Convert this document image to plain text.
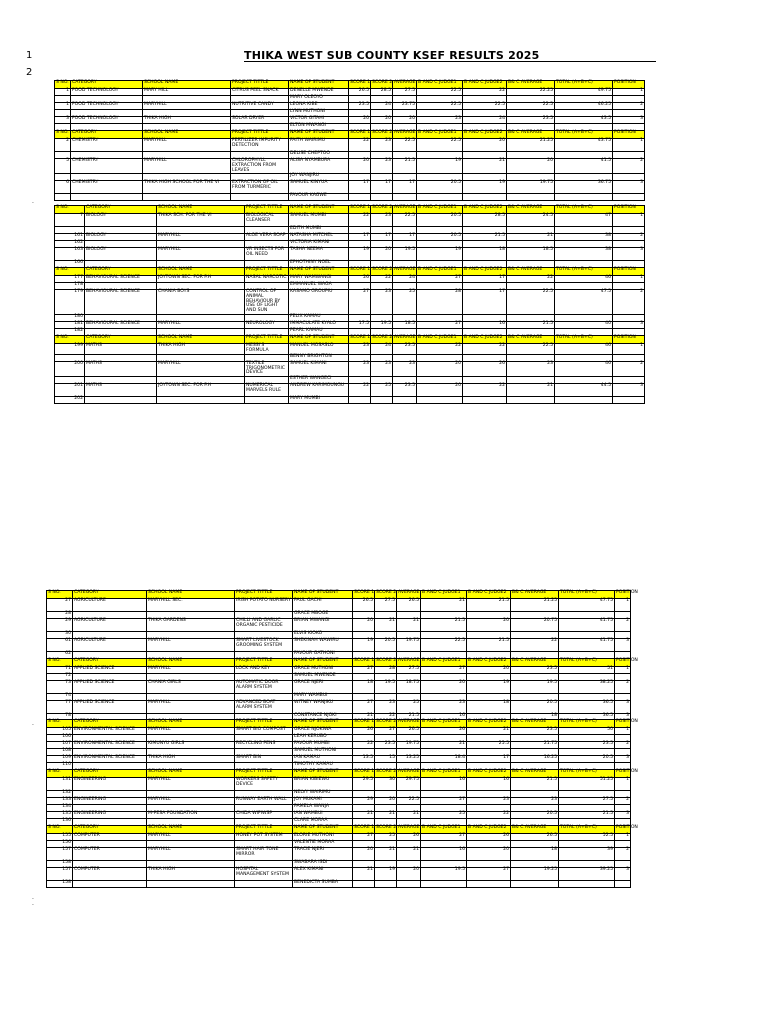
1
2
THIKA WEST SUB COUNTY KSEF RESULTS 2025
-
-
-
-
S NO.	CATEGORY	SCHOOL NAME	PROJECT TITTLE	NAME OF STUDENT	SCORE 1	SCORE 2	AVERAGE	B AND C JUDGE1	B AND C JUDGE2	B& C AVERAGE	TOTAL (A+B+C)	POSITION
1	FOOD TECHNOLOGY	MARY HILL	CITRUS PEEL SNACK	DENELLE MWENDE	26.5	28.5	27.5	22.5	22	22.25	49.75	1
				MARY OLEOYO								
1	FOOD TECHNOLOGY	MARYHILL	NUTRITIVE CANDY	LEONA KIBE	23.5	24	23.75	22.5	22.5	22.5	46.25	2
				LYNN MUTHONI								
3	FOOD TECHNOLOGY	THIKA HIGH	SOLAR DRYER	VICTOR GITAHI	20	20	20	23	24	23.5	43.5	3
				ELTON MWANGI								
S NO.	CATEGORY	SCHOOL NAME	PROJECT TITTLE	NAME OF STUDENT	SCORE 1	SCORE 2	AVERAGE	B AND C JUDGE1	B AND C JUDGE2	B& C AVERAGE	TOTAL (A+B+C)	POSITION
2	CHEMISTRY	MARYHILL	FERTILIZER IMPURITY DETECTION	FAITH WAIRIMU	22	23	22.5	22.5	20	21.25	43.75	1
				DELISE CHEPTOO								
5	CHEMISTRY	MARYHILL	CHLOROPHYLL EXTRACTION FROM LEAVES	ALISA NYAMBURA	20	23	21.5	19	21	20	41.5	2
				JOY WANJIRU								
6	CHEMISTRY	THIKA HIGH SCHOOL FOR THE VI	EXTRACTION OF OIL FROM TURMERIC	SAMUEL KINYUA	17	17	17	20.5	19	19.75	36.75	3
				FAVOUR KAGWE								
S NO.	CATEGORY	SCHOOL NAME	PROJECT TITTLE	NAME OF STUDENT	SCORE 1	SCORE 2	AVERAGE	B AND C JUDGE1	B AND C JUDGE2	B& C AVERAGE	TOTAL (A+B+C)	POSITION
7	BIOLOGY	THIKA SCH. FOR THE VI	BIOLOGICAL CLEANSER	SAMUEL MUMBI	22	23	22.5	20.5	28.5	24.5	47	1
				EDITH MUMBI								
161	BIOLOGY	MARYHILL	ALOE VERA SOAP	NATASHA MITCHEL	17	17	17	20.5	21.5	21	38	2
162				VICTORIA KIMANI								
163	BIOLOGY	MARYHILL	VR INSECTS FOR OIL NEED	TASHA NEEMA	19	20	19.5	19	18	18.5	38	3
166				EPHOTHINY NOEL								
S NO.	CATEGORY	SCHOOL NAME	PROJECT TITTLE	NAME OF STUDENT	SCORE 1	SCORE 2	AVERAGE	B AND C JUDGE1	B AND C JUDGE2	B& C AVERAGE	TOTAL (A+B+C)	POSITION
177	BEHAVIOURAL SCIENCE	JOYTOWN SEC. FOR P.H	NASAL NARCOTIC	MARY WAMWANGI	26	22	24	27	17	22	46	1
178				EMMANUEL WAGA								
179	BEHAVIOURAL SCIENCE	CHANIA BOYS	CONTROL OF ANIMAL BEHAVIOUR BY USE OF LIGHT AND SUN	KASAMO GROUPIU	27	23	25	28	17	22.5	47.5	2
180				FELIX KAMAU								
181	BEHAVIOURAL SCIENCE	MARYHILL	NEUROLOGY	IMMACULATE KYALO	17.5	19.5	18.5	27	16	21.5	40	3
182				PEARL KAMAU								
S NO.	CATEGORY	SCHOOL NAME	PROJECT TITTLE	NAME OF STUDENT	SCORE 1	SCORE 2	AVERAGE	B AND C JUDGE1	B AND C JUDGE2	B& C AVERAGE	TOTAL (A+B+C)	POSITION
199	MATHS	THIKA HIGH	MESSI'S FORMULA	MANUEL MOSASLO	23	24	23.5	22	22	22.5	46	1
				BENNY BRIGHTON								
200	MATHS	MARYHILL	TEXTILE TRIGONOMETRIC DEVICE	SAMUEL KIMANI	23	23	23	20	26	23	46	2
				ESTHER WANGECI								
201	MATHS	JOYTOWN SEC. FOR P.H	NUMERICAL MARVELS RULE	ANDREW KARIMOUNGU	22	25	23.5	20	22	21	44.5	3
202				MARY MUMBI								
S NO.	CATEGORY	SCHOOL NAME	PROJECT TITTLE	NAME OF STUDENT	SCORE 1	SCORE 2	AVERAGE	B AND C JUDGE1	B AND C JUDGE2	B& C AVERAGE	TOTAL (A+B+C)	POSITION
27	AGRICULTURE	MARYHILL SEC.	IRISH POTATO NURSERY	PAUL GACHI	26.5	27.5	26.5	21	21.5	21.25	47.75	1
28				GRACE MBOGE								
29	AGRICULTURE	THIKA GARDENS	CHILLI AND GARLIC ORGANIC PESTICIDE	BRIAN MWANGI	20	21	21	21.5	20	20.75	41.75	2
30				ELVIS KIOKO								
61	AGRICULTURE	MARYHILL	SMART LIVESTOCK GROOMING SYSTEM	SHEKINAH WAWIRU	19	20.5	19.75	22.5	21.5	22	41.75	3
62				FAVOUR GATHONI								
S NO.	CATEGORY	SCHOOL NAME	PROJECT TITTLE	NAME OF STUDENT	SCORE 1	SCORE 2	AVERAGE	B AND C JUDGE1	B AND C JUDGE2	B& C AVERAGE	TOTAL (A+B+C)	POSITION
71	APPLIED SCIENCE	MARYHILL	LOCK AND KEY	GRACE MUTHONI	27	28	27.5	27	20	23.5	51	1
72				SAMUEL MWENDE								
73	APPLIED SCIENCE	CHANIA GIRLS	AUTOMATIC DOOR ALARM SYSTEM	GRACE NJERI	18	19.5	18.75	20	19	19.5	38.25	2
74				MARY WAMBUI								
77	APPLIED SCIENCE	MARYHILL	ADVANCED BOAT ALARM SYSTEM	WITNEY WANJIKU	27	23	25	23	18	20.5	36.5	3
78				CONSTANCE NJOKI	21	22	21.5	16		18	36.5	3
S NO.	CATEGORY	SCHOOL NAME	PROJECT TITTLE	NAME OF STUDENT	SCORE 1	SCORE 2	AVERAGE	B AND C JUDGE1	B AND C JUDGE2	B& C AVERAGE	TOTAL (A+B+C)	POSITION
105	ENVIRONMENTAL SCIENCE	MARYHILL	SMART BIO COMPOST	GRACE NJOKIWA	26	27	26.5	26	21	23.5	50	1
106				LEAH KERUBO								
107	ENVIRONMENTAL SCIENCE	KIMUNYU GIRLS	RECYCLING PENS	FAVOUR MUMBI	22	23.5	19.75	21	25.5	21.75	23.5	2
108				SAMUEL MUTHONI								
109	ENVIRONMENTAL SCIENCE	THIKA HIGH	SMART BIN	IAN KAMAU	13.5	15	13.25	18.4	17	16.25	20.5	3
110				TIMOTHY KAMAU								
S NO.	CATEGORY	SCHOOL NAME	PROJECT TITTLE	NAME OF STUDENT	SCORE 1	SCORE 2	AVERAGE	B AND C JUDGE1	B AND C JUDGE2	B& C AVERAGE	TOTAL (A+B+C)	POSITION
131	ENGINEERING	MARYHILL	WORKERS SAFETY DEVICE	BRIAN KIBIEWU	29.5	30	29.75	16	16	21.5	51.25	1
132				NELVY WAIRIMU								
133	ENGINEERING	MARYHILL	RUNWAY EARTH WALL	JOY MUKAMI	29	20	22.5	27	23	23	27.5	2
134				PAMELA WANJA								
135	ENGINEERING	M-PESA FOUNDATION	CHIDA WIFIWSP	IAN WAMBUI	21	21	21	25	22	20.5	21.5	3
136				CLARE MORAA								
S NO.	CATEGORY	SCHOOL NAME	PROJECT TITTLE	NAME OF STUDENT	SCORE 1	SCORE 2	AVERAGE	B AND C JUDGE1	B AND C JUDGE2	B& C AVERAGE	TOTAL (A+B+C)	POSITION
155	COMPUTER	MARYHILL	HONEY POT SYSTEM	ELORIE MUTHONI	27	25	26	27	26	26.5	52.5	1
156				VALENTIE MORAA								
157	COMPUTER	MARYHILL	SMART HAIR TONE MIRROR	TRACIE NJERI	20	21	21	16	20	18	39	2
158				SWABARA ISDI								
157	COMPUTER	THIKA HIGH	HOSPITAL MANAGEMENT SYSTEM	ALEX KIMANI	21	19	20	19.5	27	19.25	39.25	3
158				BENEDICTA SUMBA								
